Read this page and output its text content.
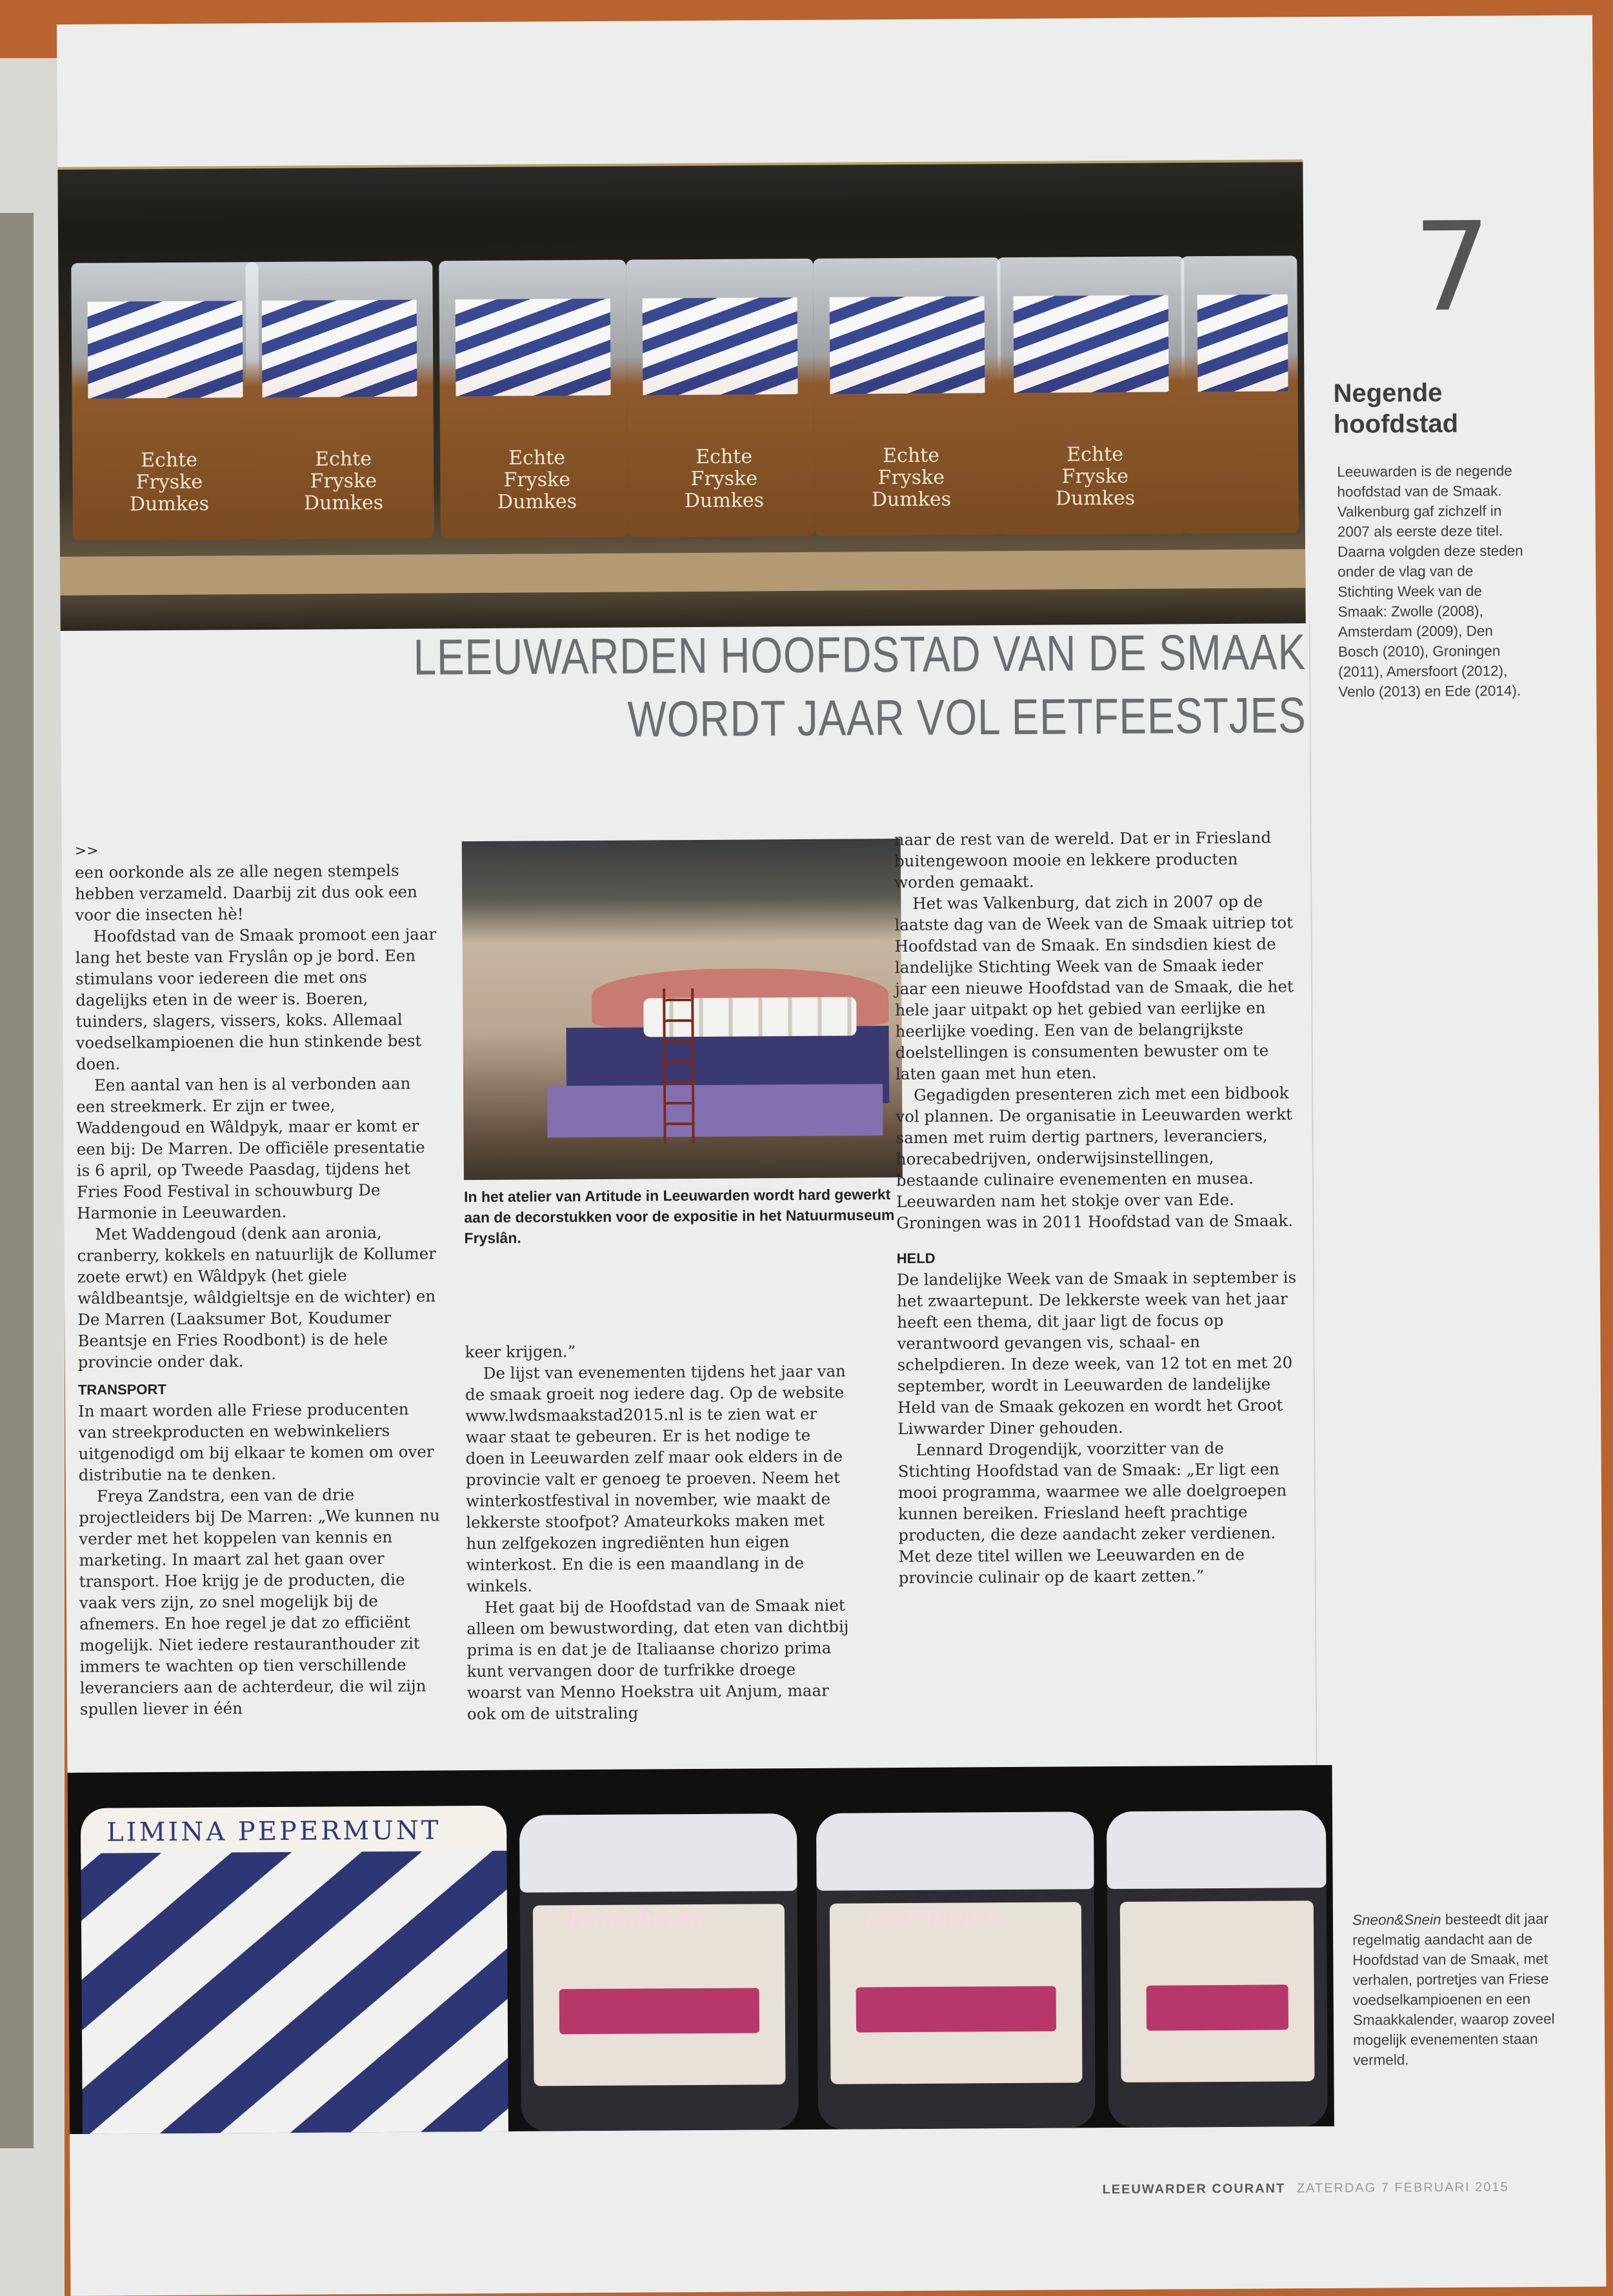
Echte Fryske Dumkes
Echte Fryske Dumkes
Echte Fryske Dumkes
Echte Fryske Dumkes
Echte Fryske Dumkes
Echte Fryske Dumkes
7
Negende hoofdstad
Leeuwarden is de negende hoofdstad van de Smaak. Valkenburg gaf zichzelf in 2007 als eerste deze titel. Daarna volgden deze steden onder de vlag van de Stichting Week van de Smaak: Zwolle (2008), Amsterdam (2009), Den Bosch (2010), Groningen (2011), Amersfoort (2012), Venlo (2013) en Ede (2014).
LEEUWARDEN HOOFDSTAD VAN DE SMAAK
WORDT JAAR VOL EETFEESTJES
>>

een oorkonde als ze alle negen stempels hebben verzameld. Daarbij zit dus ook een voor die insecten hè!

Hoofdstad van de Smaak promoot een jaar lang het beste van Fryslân op je bord. Een stimulans voor iedereen die met ons dagelijks eten in de weer is. Boeren, tuinders, slagers, vissers, koks. Allemaal voedselkampioenen die hun stinkende best doen.

Een aantal van hen is al verbonden aan een streekmerk. Er zijn er twee, Waddengoud en Wâldpyk, maar er komt er een bij: De Marren. De officiële presentatie is 6 april, op Tweede Paasdag, tijdens het Fries Food Festival in schouwburg De Harmonie in Leeuwarden.

Met Waddengoud (denk aan aronia, cranberry, kokkels en natuurlijk de Kollumer zoete erwt) en Wâldpyk (het giele wâldbeantsje, wâldgieltsje en de wichter) en De Marren (Laaksumer Bot, Koudumer Beantsje en Fries Roodbont) is de hele provincie onder dak.

TRANSPORT

In maart worden alle Friese producenten van streekproducten en webwinkeliers uitgenodigd om bij elkaar te komen om over distributie na te denken.

Freya Zandstra, een van de drie projectleiders bij De Marren: „We kunnen nu verder met het koppelen van kennis en marketing. In maart zal het gaan over transport. Hoe krijg je de producten, die vaak vers zijn, zo snel mogelijk bij de afnemers. En hoe regel je dat zo efficiënt mogelijk. Niet iedere restauranthouder zit immers te wachten op tien verschillende leveranciers aan de achterdeur, die wil zijn spullen liever in één

In het atelier van Artitude in Leeuwarden wordt hard gewerkt aan de decorstukken voor de expositie in het Natuurmuseum Fryslân.

keer krijgen.”

De lijst van evenementen tijdens het jaar van de smaak groeit nog iedere dag. Op de website www.lwdsmaakstad2015.nl is te zien wat er waar staat te gebeuren. Er is het nodige te doen in Leeuwarden zelf maar ook elders in de provincie valt er genoeg te proeven. Neem het winterkostfestival in november, wie maakt de lekkerste stoofpot? Amateurkoks maken met hun zelfgekozen ingrediënten hun eigen winterkost. En die is een maandlang in de winkels.

Het gaat bij de Hoofdstad van de Smaak niet alleen om bewustwording, dat eten van dichtbij prima is en dat je de Italiaanse chorizo prima kunt vervangen door de turfrikke droege woarst van Menno Hoekstra uit Anjum, maar ook om de uitstraling

naar de rest van de wereld. Dat er in Friesland buitengewoon mooie en lekkere producten worden gemaakt.

Het was Valkenburg, dat zich in 2007 op de laatste dag van de Week van de Smaak uitriep tot Hoofdstad van de Smaak. En sindsdien kiest de landelijke Stichting Week van de Smaak ieder jaar een nieuwe Hoofdstad van de Smaak, die het hele jaar uitpakt op het gebied van eerlijke en heerlijke voeding. Een van de belangrijkste doelstellingen is consumenten bewuster om te laten gaan met hun eten.

Gegadigden presenteren zich met een bidbook vol plannen. De organisatie in Leeuwarden werkt samen met ruim dertig partners, leveranciers, horecabedrijven, onderwijsinstellingen, bestaande culinaire evenementen en musea. Leeuwarden nam het stokje over van Ede. Groningen was in 2011 Hoofdstad van de Smaak.

HELD

De landelijke Week van de Smaak in september is het zwaartepunt. De lekkerste week van het jaar heeft een thema, dit jaar ligt de focus op verantwoord gevangen vis, schaal- en schelpdieren. In deze week, van 12 tot en met 20 september, wordt in Leeuwarden de landelijke Held van de Smaak gekozen en wordt het Groot Liwwarder Diner gehouden.

Lennard Drogendijk, voorzitter van de Stichting Hoofdstad van de Smaak: „Er ligt een mooi programma, waarmee we alle doelgroepen kunnen bereiken. Friesland heeft prachtige producten, die deze aandacht zeker verdienen. Met deze titel willen we Leeuwarden en de provincie culinair op de kaart zetten.”

LIMINA PEPERMUNT
Tearnbeien	Tearnbeien	Sneon&Snein besteedt dit jaar regelmatig aandacht aan de Hoofdstad van de Smaak, met verhalen, portretjes van Friese voedselkampioenen en een Smaakkalender, waarop zoveel mogelijk evenementen staan vermeld.
LEEUWARDER COURANT ZATERDAG 7 FEBRUARI 2015
